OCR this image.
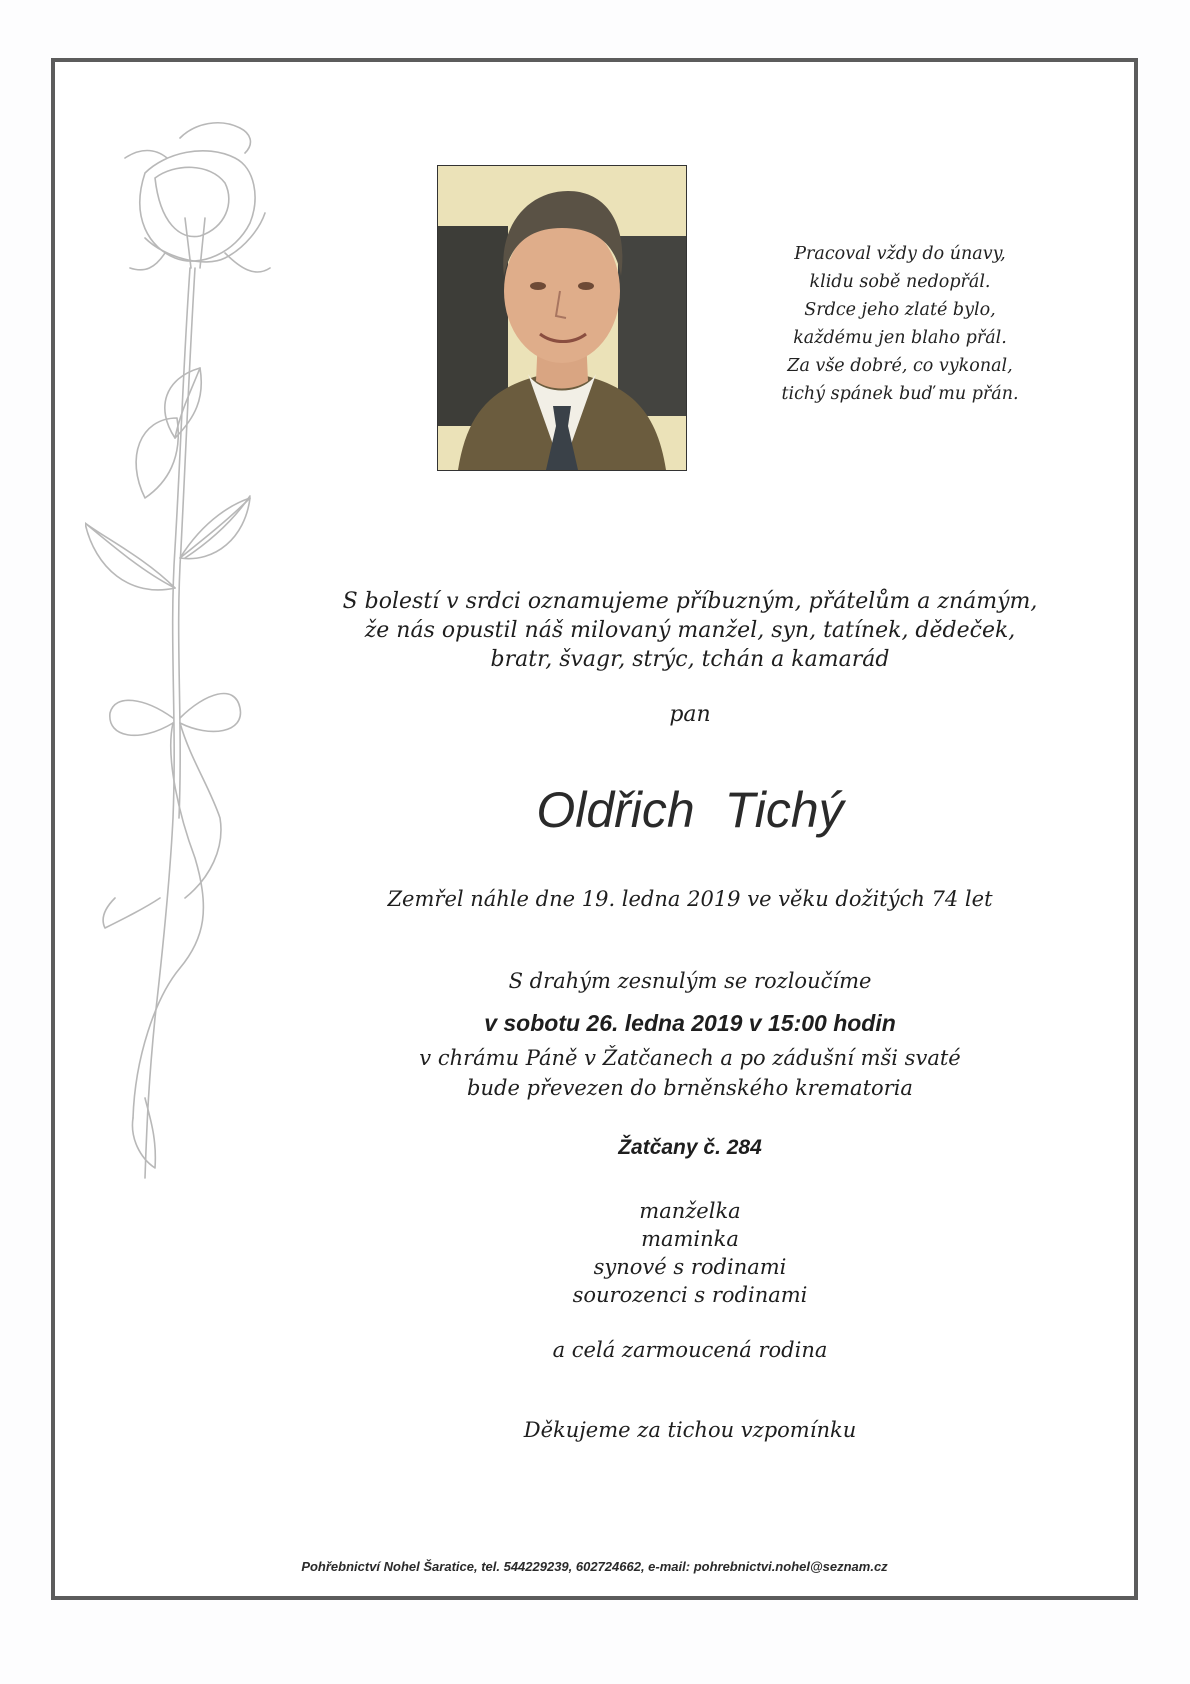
Pracoval vždy do únavy,
klidu sobě nedopřál.
Srdce jeho zlaté bylo,
každému jen blaho přál.
Za vše dobré, co vykonal,
tichý spánek buď mu přán.
S bolestí v srdci oznamujeme příbuzným, přátelům a známým,
že nás opustil náš milovaný manžel, syn, tatínek, dědeček,
bratr, švagr, strýc, tchán a kamarád
pan
Oldřich Tichý
Zemřel náhle dne 19. ledna 2019 ve věku dožitých 74 let
S drahým zesnulým se rozloučíme
v sobotu 26. ledna 2019 v 15:00 hodin
v chrámu Páně v Žatčanech a po zádušní mši svaté
bude převezen do brněnského krematoria
Žatčany č. 284
manželka
maminka
synové s rodinami
sourozenci s rodinami
a celá zarmoucená rodina
Děkujeme za tichou vzpomínku
Pohřebnictví Nohel Šaratice, tel. 544229239, 602724662, e-mail: pohrebnictvi.nohel@seznam.cz
